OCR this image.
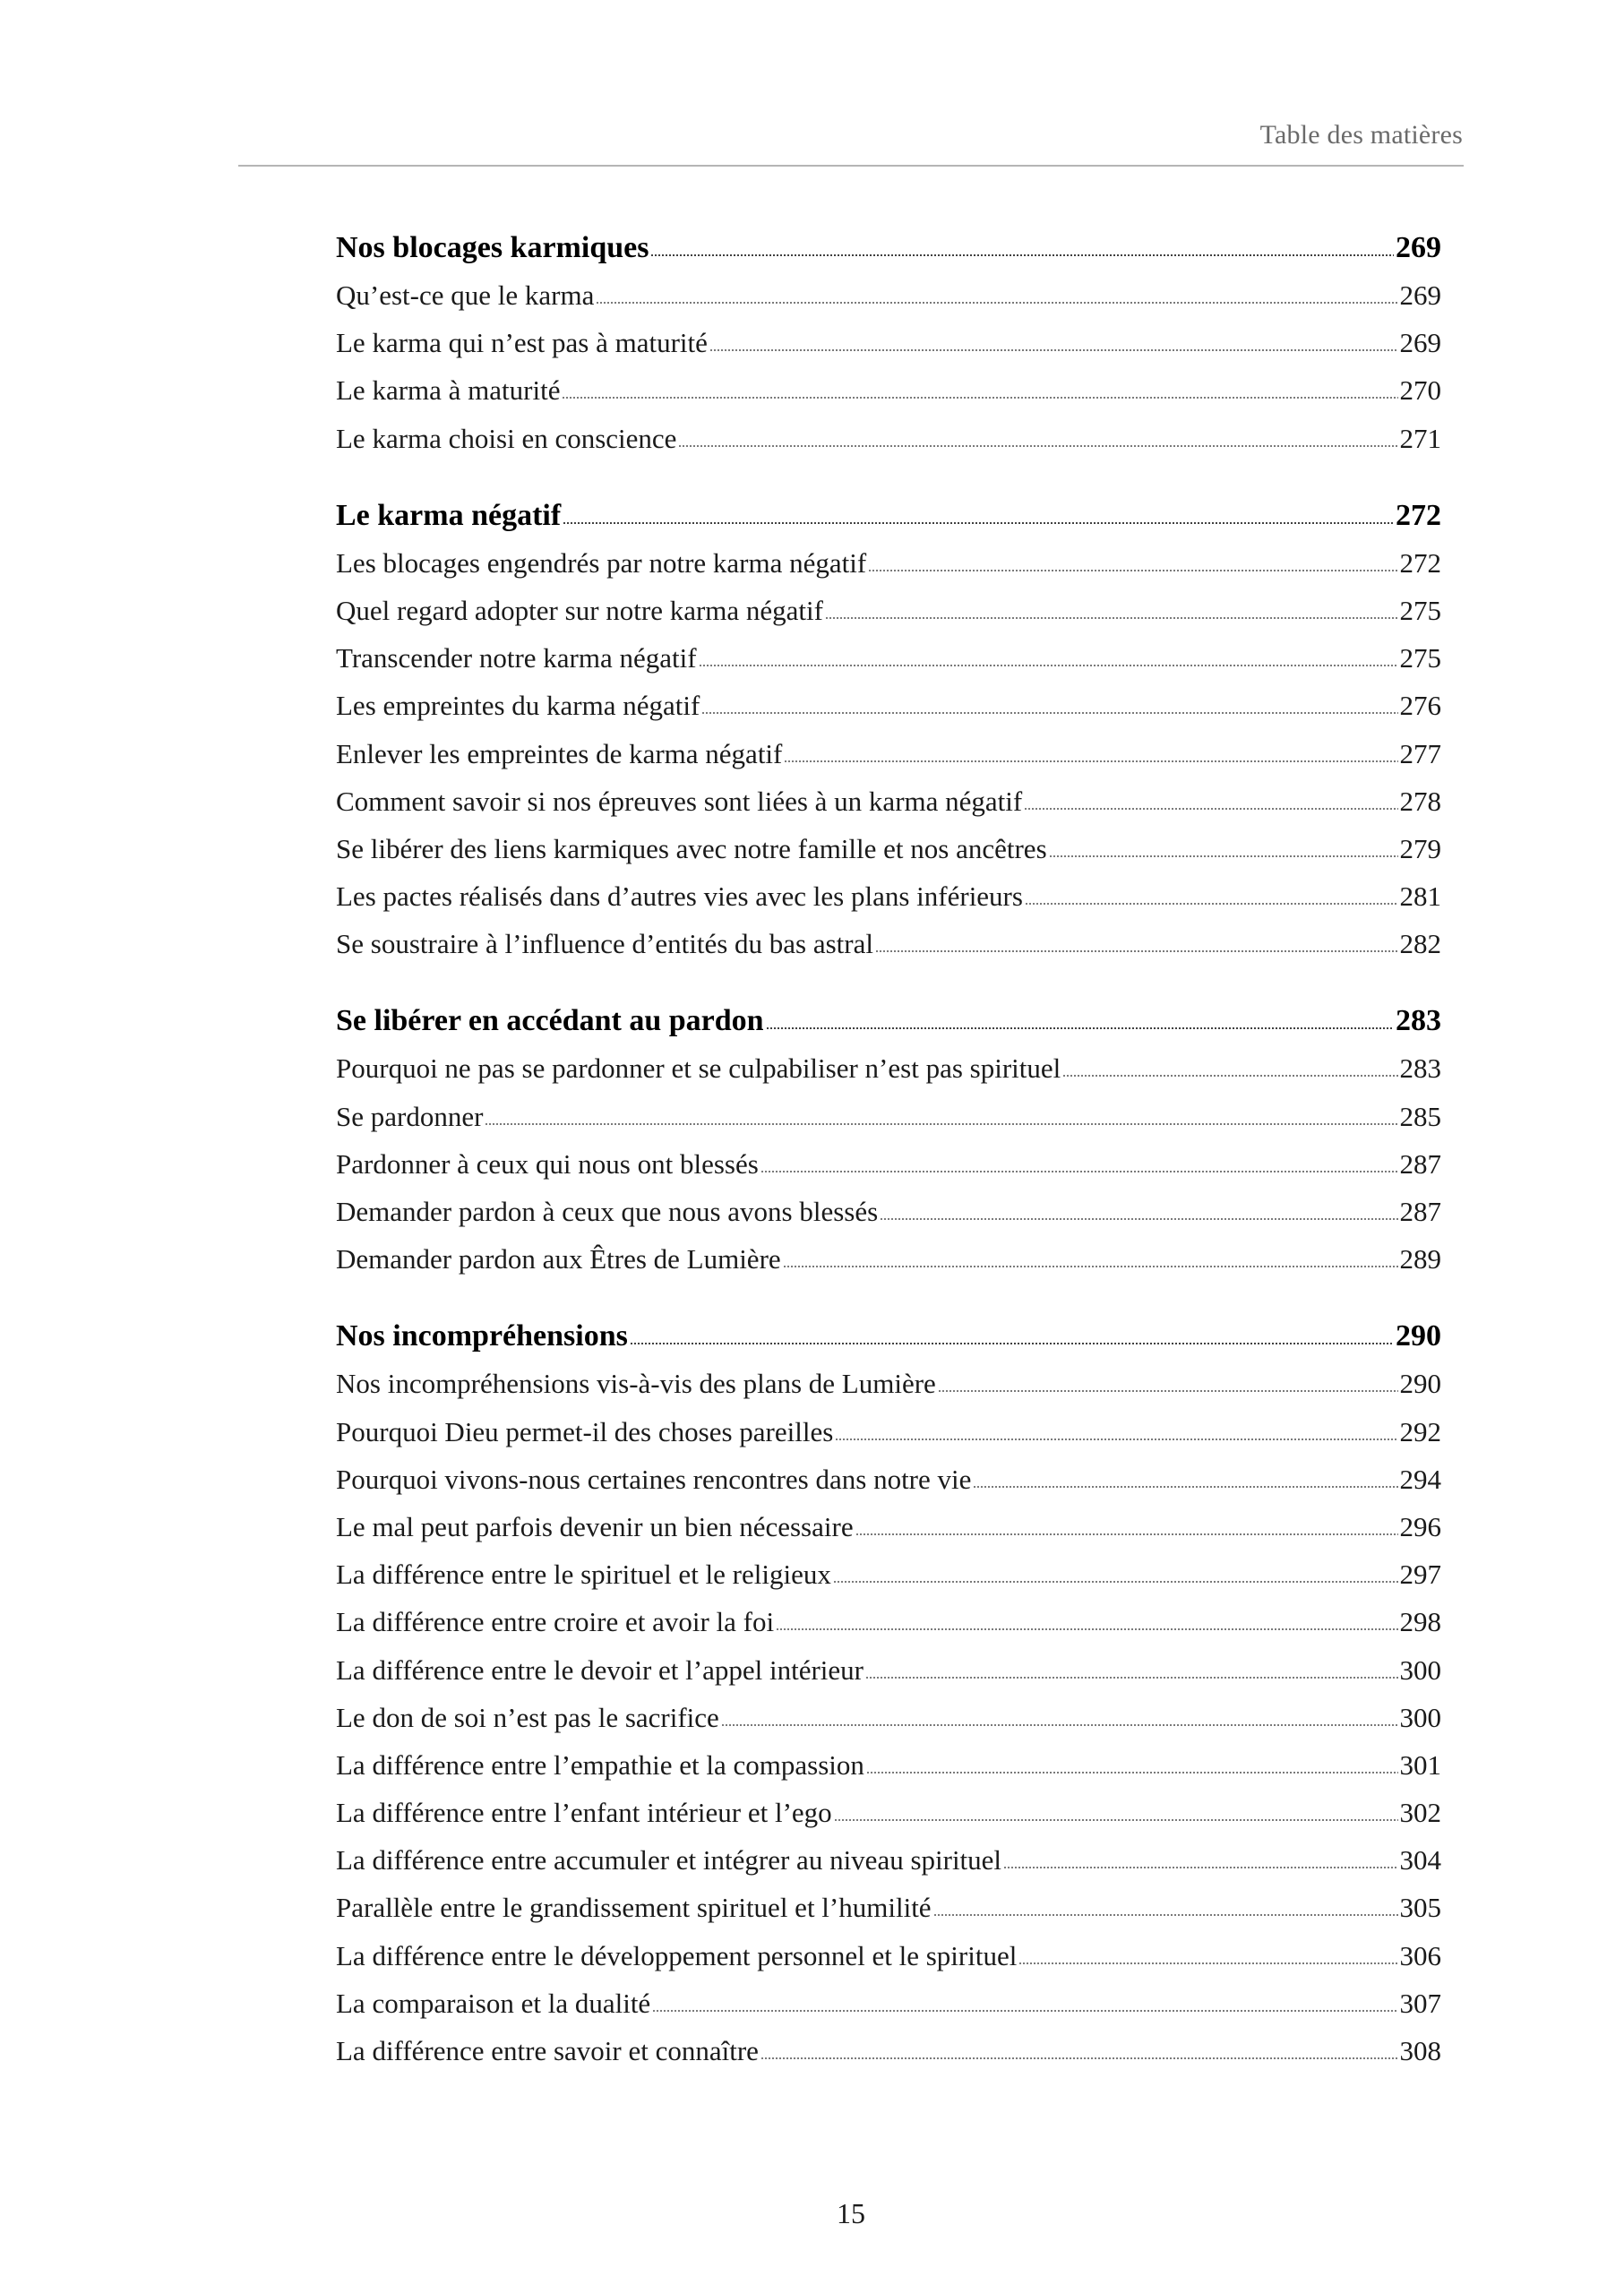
Table des matières
Nos blocages karmiques	269
Qu’est-ce que le karma	269
Le karma qui n’est pas à maturité	269
Le karma à maturité	270
Le karma choisi en conscience	271
Le karma négatif	272
Les blocages engendrés par notre karma négatif	272
Quel regard adopter sur notre karma négatif	275
Transcender notre karma négatif	275
Les empreintes du karma négatif	276
Enlever les empreintes de karma négatif	277
Comment savoir si nos épreuves sont liées à un karma négatif	278
Se libérer des liens karmiques avec notre famille et nos ancêtres	279
Les pactes réalisés dans d’autres vies avec les plans inférieurs	281
Se soustraire à l’influence d’entités du bas astral	282
Se libérer en accédant au pardon	283
Pourquoi ne pas se pardonner et se culpabiliser n’est pas spirituel	283
Se pardonner	285
Pardonner à ceux qui nous ont blessés	287
Demander pardon à ceux que nous avons blessés	287
Demander pardon aux Êtres de Lumière	289
Nos incompréhensions	290
Nos incompréhensions vis-à-vis des plans de Lumière	290
Pourquoi Dieu permet-il des choses pareilles	292
Pourquoi vivons-nous certaines rencontres dans notre vie	294
Le mal peut parfois devenir un bien nécessaire	296
La différence entre le spirituel et le religieux	297
La différence entre croire et avoir la foi	298
La différence entre le devoir et l’appel intérieur	300
Le don de soi n’est pas le sacrifice	300
La différence entre l’empathie et la compassion	301
La différence entre l’enfant intérieur et l’ego	302
La différence entre accumuler et intégrer au niveau spirituel	304
Parallèle entre le grandissement spirituel et l’humilité	305
La différence entre le développement personnel et le spirituel	306
La comparaison et la dualité	307
La différence entre savoir et connaître	308
15
